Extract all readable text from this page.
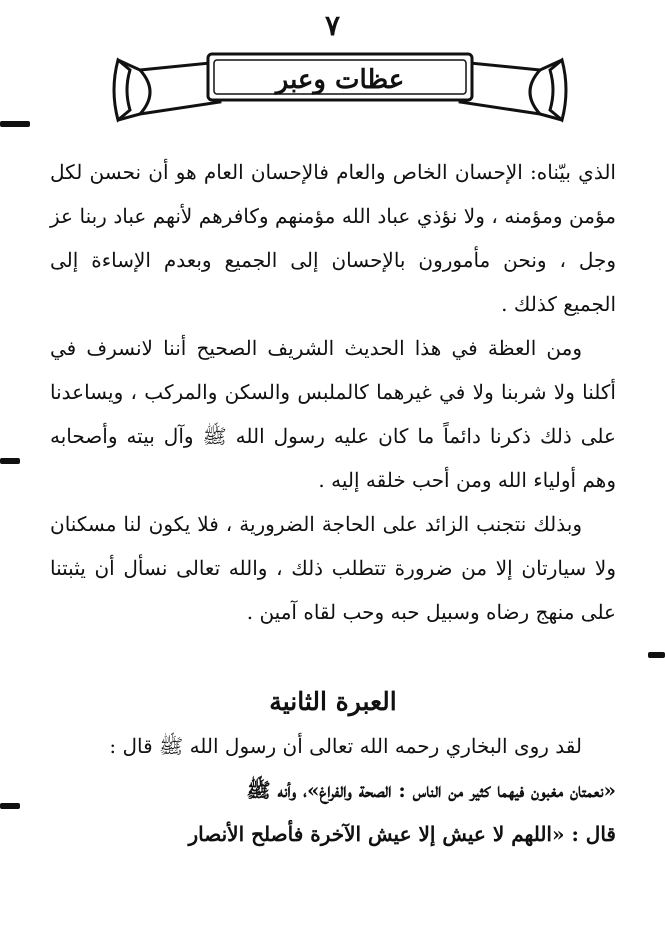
٧
عظات وعبر

الذي بيّناه: الإحسان الخاص والعام فالإحسان العام هو أن نحسن لكل مؤمن ومؤمنه ، ولا نؤذي عباد الله مؤمنهم وكافرهم لأنهم عباد ربنا عز وجل ، ونحن مأمورون بالإحسان إلى الجميع وبعدم الإساءة إلى الجميع كذلك .

ومن العظة في هذا الحديث الشريف الصحيح أننا لانسرف في أكلنا ولا شربنا ولا في غيرهما كالملبس والسكن والمركب ، ويساعدنا على ذلك ذكرنا دائماً ما كان عليه رسول الله ﷺ وآل بيته وأصحابه وهم أولياء الله ومن أحب خلقه إليه .

وبذلك نتجنب الزائد على الحاجة الضرورية ، فلا يكون لنا مسكنان ولا سيارتان إلا من ضرورة تتطلب ذلك ، والله تعالى نسأل أن يثبتنا على منهج رضاه وسبيل حبه وحب لقاه آمين .

العبرة الثانية

لقد روى البخاري رحمه الله تعالى أن رسول الله ﷺ قال :

«نعمتان مغبون فيهما كثير من الناس : الصحة والفراغ»، وأنه ﷺ

قال : «اللهم لا عيش إلا عيش الآخرة فأصلح الأنصار
